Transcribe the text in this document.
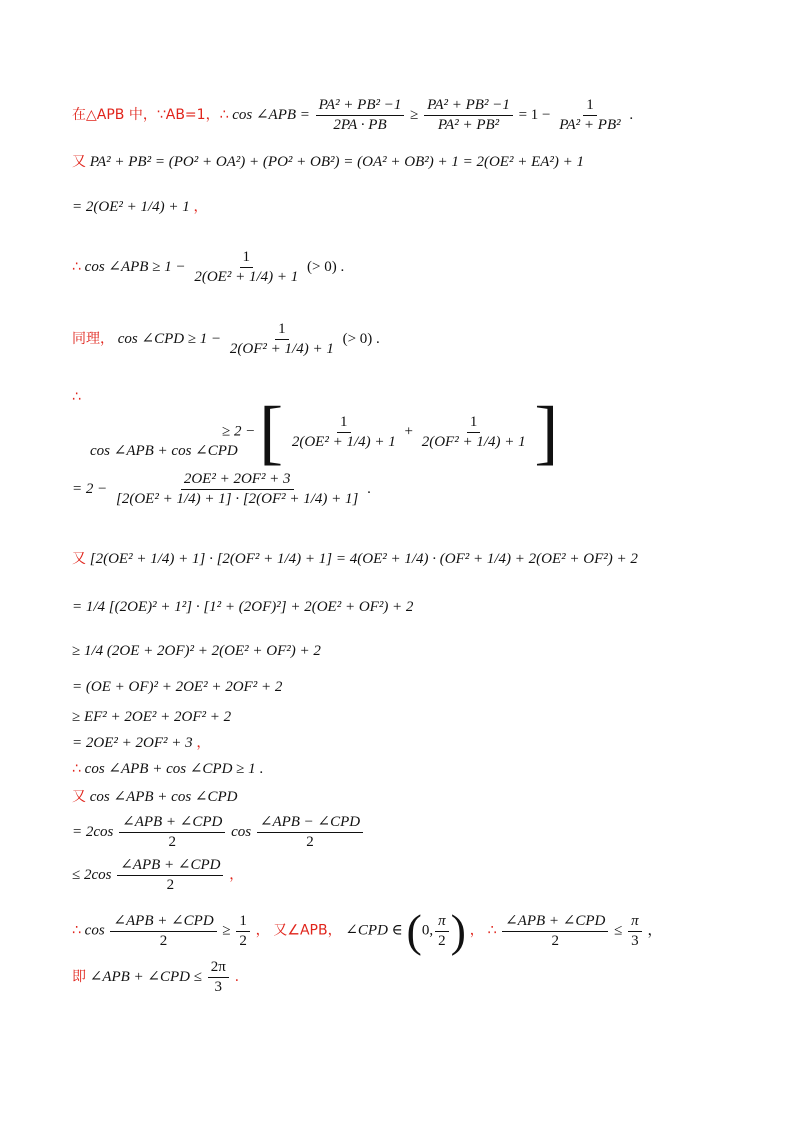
在△APB 中，∵AB=1，∴ cos ∠APB = $\frac{\text{PA² + PB² −1}}{2PA \cdot PB} \ge \frac{\text{PA² + PB² −1}}{\text{PA² + PB²}} = 1 - \frac{1}{\text{PA² + PB²}}$ .
又 PA² + PB² = (PO² + OA²) + (PO² + OB²) = (OA² + OB²) + 1 = 2(OE² + EA²) + 1
= 2(OE² + 1/4) + 1 ，
∴ cos ∠APB ≥ $1 - \frac{1}{\text{2(OE² + 1/4) + 1}}$ (> 0) .
同理， cos ∠CPD ≥ $1 - \frac{1}{\text{2(OF² + 1/4) + 1}}$ (> 0) .
∴
cos ∠APB + cos ∠CPD
≥ 2 − [ $\frac{1}{\text{2(OE² + 1/4) + 1}} + \frac{1}{\text{2(OF² + 1/4) + 1}}$ ]
= $2 - \frac{\text{2OE² + 2OF² + 3}}{\text{[2(OE² + 1/4) + 1] · [2(OF² + 1/4) + 1]}}$ .
又 [2(OE² + 1/4) + 1] · [2(OF² + 1/4) + 1] = 4(OE² + 1/4) · (OF² + 1/4) + 2(OE² + OF²) + 2
= 1/4 [(2OE)² + 1²] · [1² + (2OF)²] + 2(OE² + OF²) + 2
≥ 1/4 (2OE + 2OF)² + 2(OE² + OF²) + 2
= (OE + OF)² + 2OE² + 2OF² + 2
≥ EF² + 2OE² + 2OF² + 2
= 2OE² + 2OF² + 3 ，
∴ cos ∠APB + cos ∠CPD ≥ 1 .
又 cos ∠APB + cos ∠CPD
= $2\cos \frac{\text{∠APB + ∠CPD}}{2}$ $\cos \frac{\text{∠APB − ∠CPD}}{2}$
≤ $2\cos \frac{\text{∠APB + ∠CPD}}{2}$ ，
∴ $\cos \frac{\text{∠APB + ∠CPD}}{2} \ge \frac{1}{2}$ ， 又∠APB， ∠CPD ∈ (0, $\frac{\pi}{2}$ ) ， ∴ $\frac{\text{∠APB + ∠CPD}}{2} \le \frac{\pi}{3}$ ，
即 ∠APB + ∠CPD ≤ $\frac{2\pi}{3}$ .
